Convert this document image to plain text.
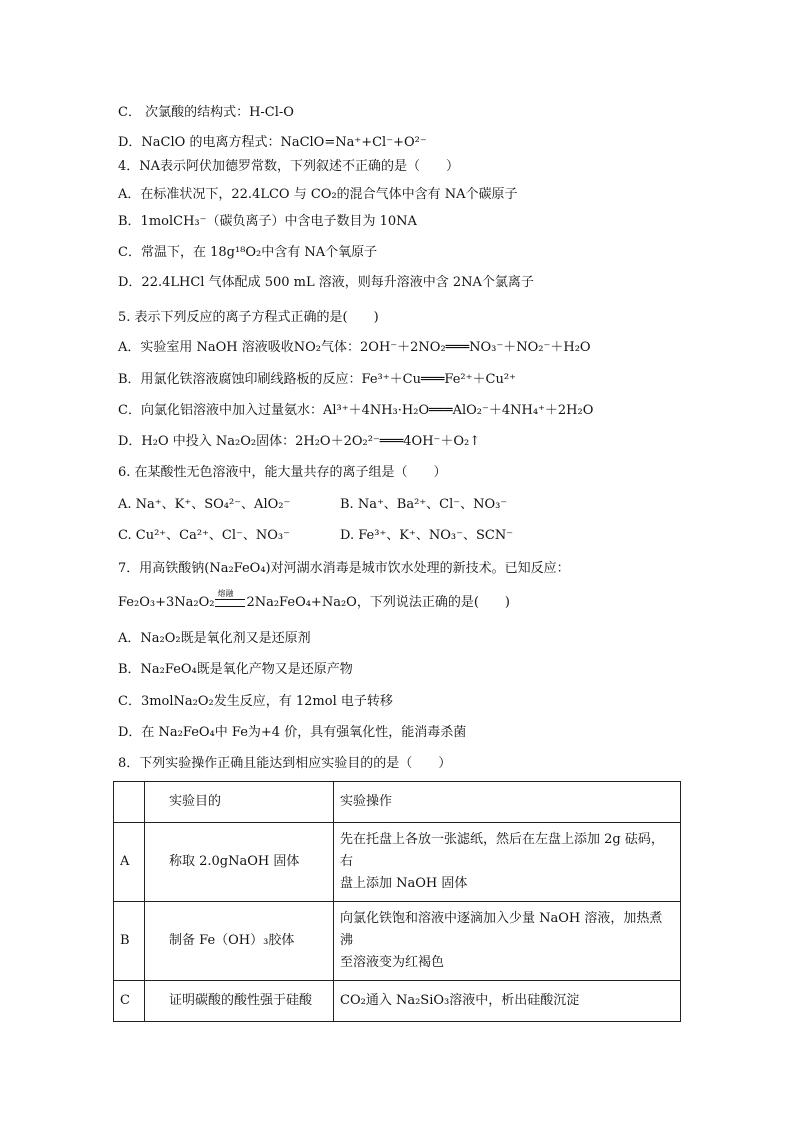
C． 次氯酸的结构式：H-Cl-O
D．NaClO 的电离方程式：NaClO=Na⁺+Cl⁻+O²⁻
4．NA表示阿伏加德罗常数，下列叙述不正确的是（　　）
A．在标准状况下，22.4LCO 与 CO₂的混合气体中含有 NA个碳原子
B．1molCH₃⁻（碳负离子）中含电子数目为 10NA
C．常温下，在 18g¹⁸O₂中含有 NA个氧原子
D．22.4LHCl 气体配成 500 mL 溶液，则每升溶液中含 2NA个氯离子
5. 表示下列反应的离子方程式正确的是(　　)
A．实验室用 NaOH 溶液吸收NO₂气体：2OH⁻＋2NO₂═══NO₃⁻＋NO₂⁻＋H₂O
B．用氯化铁溶液腐蚀印刷线路板的反应：Fe³⁺＋Cu═══Fe²⁺＋Cu²⁺
C．向氯化铝溶液中加入过量氨水：Al³⁺＋4NH₃·H₂O═══AlO₂⁻＋4NH₄⁺＋2H₂O
D．H₂O 中投入 Na₂O₂固体：2H₂O＋2O₂²⁻═══4OH⁻＋O₂↑
6. 在某酸性无色溶液中，能大量共存的离子组是（　　）
A. Na⁺、K⁺、SO₄²⁻、AlO₂⁻	B. Na⁺、Ba²⁺、Cl⁻、NO₃⁻
C. Cu²⁺、Ca²⁺、Cl⁻、NO₃⁻	D. Fe³⁺、K⁺、NO₃⁻、SCN⁻
7．用高铁酸钠(Na₂FeO₄)对河湖水消毒是城市饮水处理的新技术。已知反应：
Fe₂O₃+3Na₂O₂
熔融
2Na₂FeO₄+Na₂O，下列说法正确的是(　　)
A．Na₂O₂既是氧化剂又是还原剂
B．Na₂FeO₄既是氧化产物又是还原产物
C．3molNa₂O₂发生反应，有 12mol 电子转移
D．在 Na₂FeO₄中 Fe为+4 价，具有强氧化性，能消毒杀菌
8．下列实验操作正确且能达到相应实验目的的是（　　）
	实验目的	实验操作
A	称取 2.0gNaOH 固体	先在托盘上各放一张滤纸，然后在左盘上添加 2g 砝码，右
盘上添加 NaOH 固体

B	制备 Fe（OH）₃胶体	向氯化铁饱和溶液中逐滴加入少量 NaOH 溶液，加热煮沸
至溶液变为红褐色

C	证明碳酸的酸性强于硅酸	CO₂通入 Na₂SiO₃溶液中，析出硅酸沉淀
